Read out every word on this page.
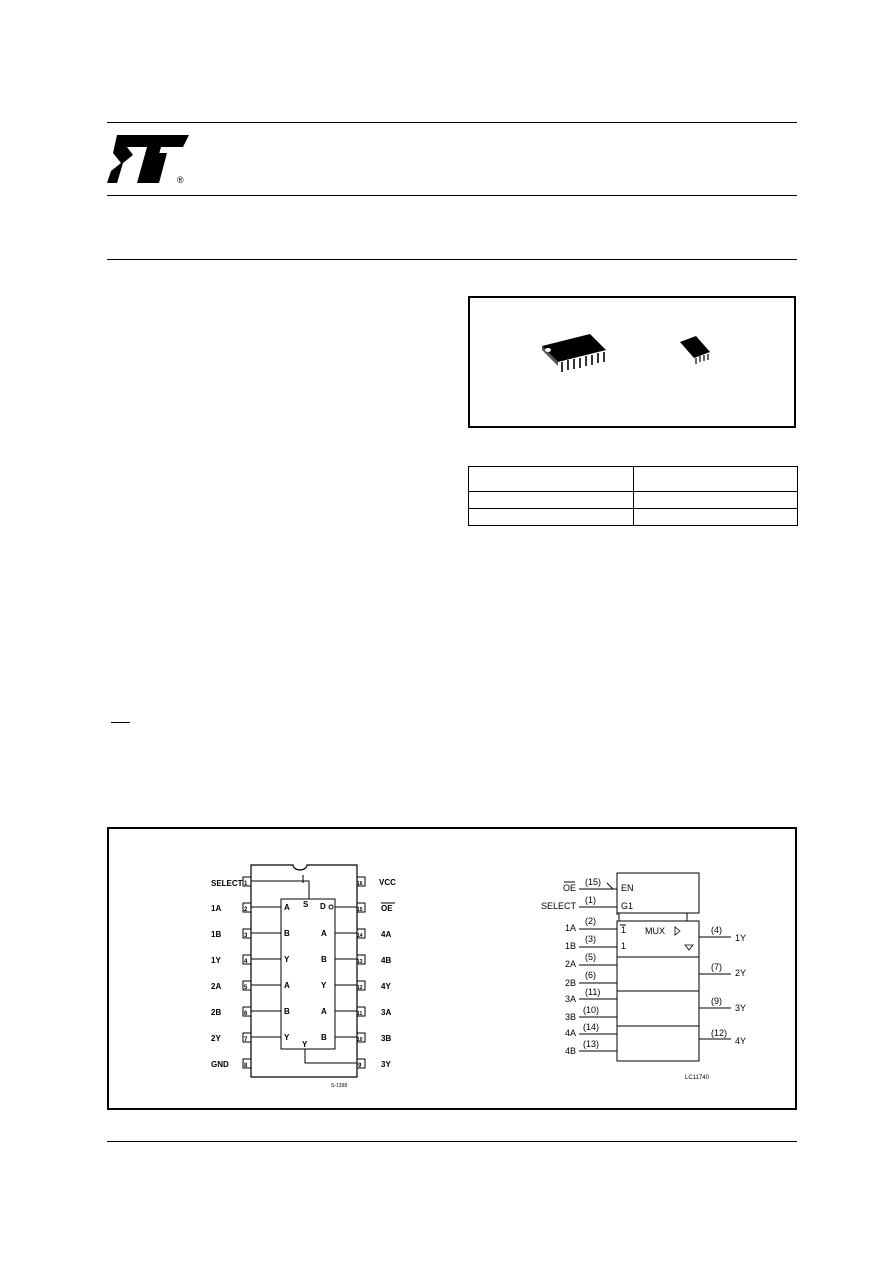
®

S D
1
SELECT
2
1A
3
1B
4
1Y
5
2A
6
2B
7
2Y
8
GND
A
B
Y
A
B
Y
16 VCC
15 OE
14 4A
13 4B
12 4Y
11 3A
10 3B
9 3Y
A
B
Y
A
B
Y
S-1398
EN
G1
MUX
1
1
OE
(15)
SELECT
(1)
1A
(2)
1B
(3)
2A
(5)
2B
(6)
3A
(11)
3B
(10)
4A
(14)
4B
(13)
(4)
1Y
(7)
2Y
(9)
3Y
(12)
4Y
LC11740
